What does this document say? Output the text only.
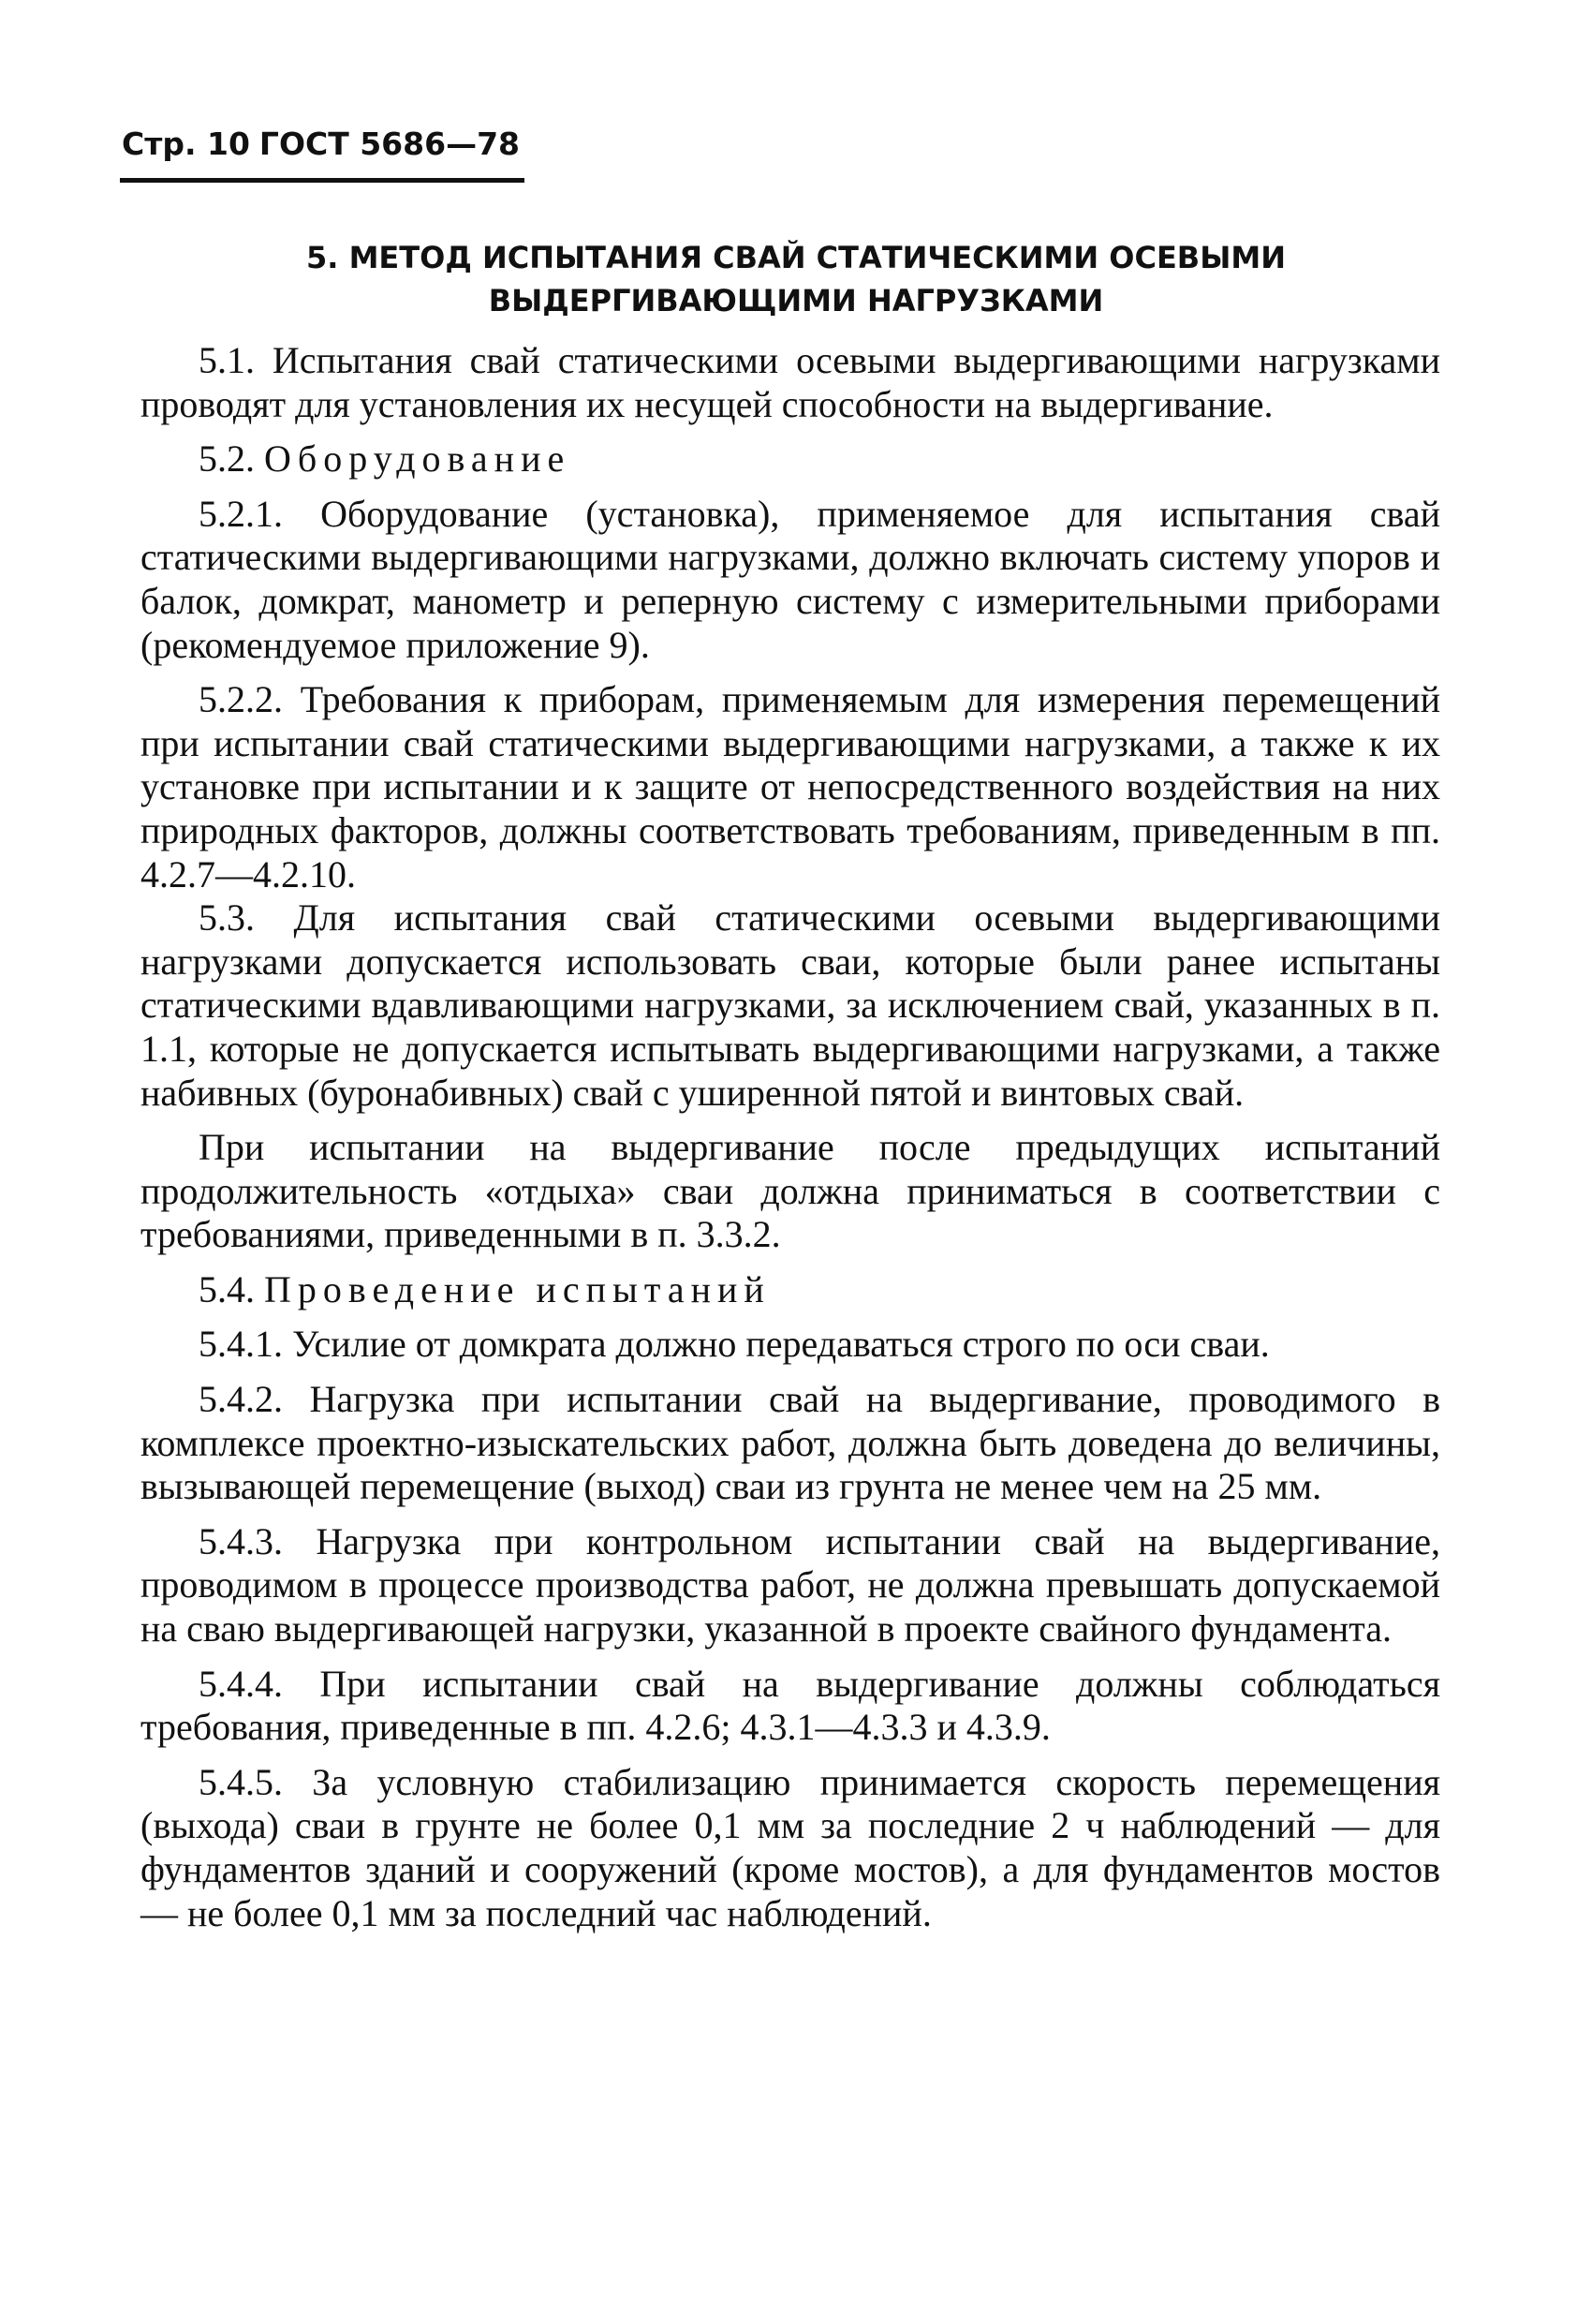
Стр. 10 ГОСТ 5686—78
5. МЕТОД ИСПЫТАНИЯ СВАЙ СТАТИЧЕСКИМИ ОСЕВЫМИ
ВЫДЕРГИВАЮЩИМИ НАГРУЗКАМИ

5.1. Испытания свай статическими осевыми выдергивающими нагрузками проводят для установления их несущей способности на выдергивание.

5.2. Оборудование

5.2.1. Оборудование (установка), применяемое для испытания свай статическими выдергивающими нагрузками, должно включать систему упоров и балок, домкрат, манометр и реперную систему с измерительными приборами (рекомендуемое приложение 9).

5.2.2. Требования к приборам, применяемым для измерения перемещений при испытании свай статическими выдергивающими нагрузками, а также к их установке при испытании и к защите от непосредственного воздействия на них природных факторов, должны соответствовать требованиям, приведенным в пп. 4.2.7—4.2.10.

5.3. Для испытания свай статическими осевыми выдергивающими нагрузками допускается использовать сваи, которые были ранее испытаны статическими вдавливающими нагрузками, за исключением свай, указанных в п. 1.1, которые не допускается испытывать выдергивающими нагрузками, а также набивных (буронабивных) свай с уширенной пятой и винтовых свай.

При испытании на выдергивание после предыдущих испытаний продолжительность «отдыха» сваи должна приниматься в соответствии с требованиями, приведенными в п. 3.3.2.

5.4. Проведение испытаний

5.4.1. Усилие от домкрата должно передаваться строго по оси сваи.

5.4.2. Нагрузка при испытании свай на выдергивание, проводимого в комплексе проектно-изыскательских работ, должна быть доведена до величины, вызывающей перемещение (выход) сваи из грунта не менее чем на 25 мм.

5.4.3. Нагрузка при контрольном испытании свай на выдергивание, проводимом в процессе производства работ, не должна превышать допускаемой на сваю выдергивающей нагрузки, указанной в проекте свайного фундамента.

5.4.4. При испытании свай на выдергивание должны соблюдаться требования, приведенные в пп. 4.2.6; 4.3.1—4.3.3 и 4.3.9.

5.4.5. За условную стабилизацию принимается скорость перемещения (выхода) сваи в грунте не более 0,1 мм за последние 2 ч наблюдений — для фундаментов зданий и сооружений (кроме мостов), а для фундаментов мостов — не более 0,1 мм за последний час наблюдений.
